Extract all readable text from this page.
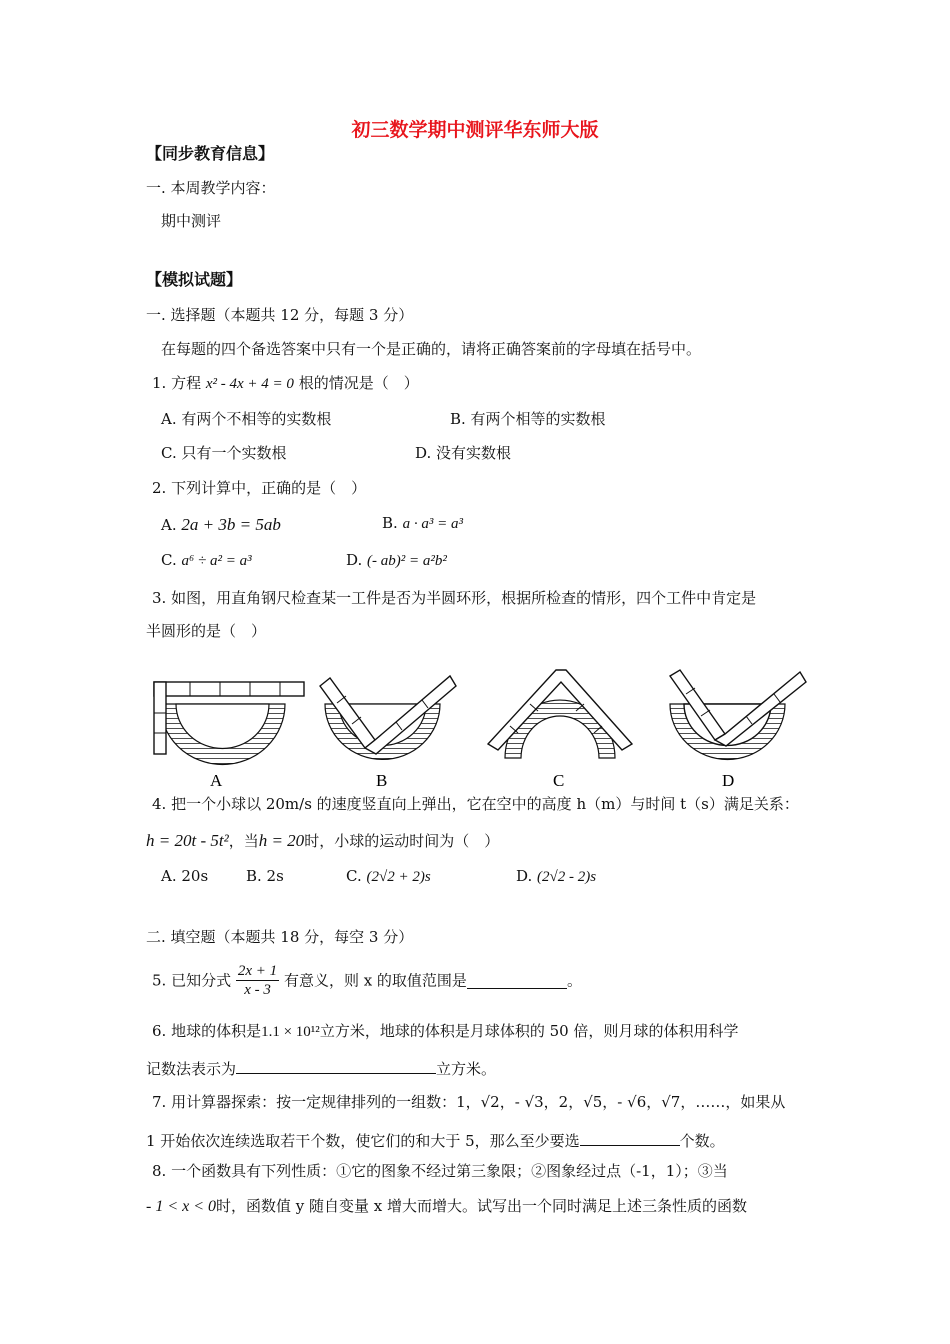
初三数学期中测评华东师大版
【同步教育信息】
一. 本周教学内容：
期中测评
【模拟试题】
一. 选择题（本题共 12 分，每题 3 分）
在每题的四个备选答案中只有一个是正确的，请将正确答案前的字母填在括号中。
1. 方程 x² - 4x + 4 = 0 根的情况是（　）
A. 有两个不相等的实数根	B. 有两个相等的实数根
C. 只有一个实数根	D. 没有实数根
2. 下列计算中，正确的是（　）
A. 2a + 3b = 5ab	B. a · a³ = a³
C. a⁶ ÷ a² = a³	D. (- ab)² = a²b²
3. 如图，用直角钢尺检查某一工件是否为半圆环形，根据所检查的情形，四个工件中肯定是
半圆形的是（　）
A	B	C	D
4. 把一个小球以 20m/s 的速度竖直向上弹出，它在空中的高度 h（m）与时间 t（s）满足关系：
h = 20t - 5t²，当h = 20时，小球的运动时间为（　）
A. 20s	B. 2s	C. (2√2 + 2)s	D. (2√2 - 2)s
二. 填空题（本题共 18 分，每空 3 分）
5. 已知分式 $\frac{2x + 1}{x - 3}$ 有意义，则 x 的取值范围是	。
6. 地球的体积是1.1 × 10¹²立方米，地球的体积是月球体积的 50 倍，则月球的体积用科学
记数法表示为	立方米。
7. 用计算器探索：按一定规律排列的一组数：1，√2，- √3，2，√5，- √6，√7，……，如果从
1 开始依次连续选取若干个数，使它们的和大于 5，那么至少要选	个数。
8. 一个函数具有下列性质：①它的图象不经过第三象限；②图象经过点（-1，1）；③当
- 1 < x < 0时，函数值 y 随自变量 x 增大而增大。试写出一个同时满足上述三条性质的函数
